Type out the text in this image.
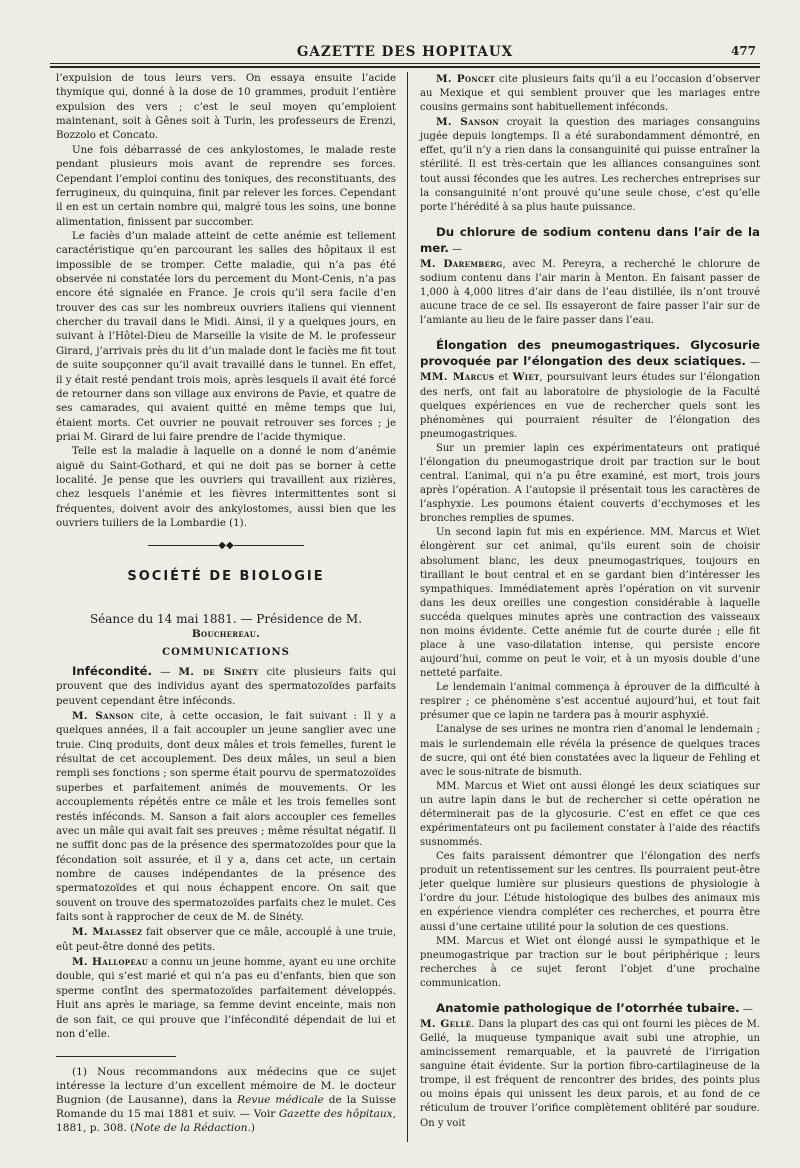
GAZETTE DES HOPITAUX	477

l’expulsion de tous leurs vers. On essaya ensuite l’acide thymique qui, donné à la dose de 10 grammes, produit l’entière expulsion des vers ; c’est le seul moyen qu’emploient maintenant, soit à Gênes soit à Turin, les professeurs de Erenzi, Bozzolo et Concato.

Une fois débarrassé de ces ankylostomes, le malade reste pendant plusieurs mois avant de reprendre ses forces. Cependant l’emploi continu des toniques, des reconstituants, des ferrugineux, du quinquina, finit par relever les forces. Cependant il en est un certain nombre qui, malgré tous les soins, une bonne alimentation, finissent par succomber.

Le faciès d’un malade atteint de cette anémie est tellement caractéristique qu’en parcourant les salles des hôpitaux il est impossible de se tromper. Cette maladie, qui n’a pas été observée ni constatée lors du percement du Mont-Cenis, n’a pas encore été signalée en France. Je crois qu’il sera facile d’en trouver des cas sur les nombreux ouvriers italiens qui viennent chercher du travail dans le Midi. Ainsi, il y a quelques jours, en suivant à l’Hôtel-Dieu de Marseille la visite de M. le professeur Girard, j’arrivais près du lit d’un malade dont le faciès me fit tout de suite soupçonner qu’il avait travaillé dans le tunnel. En effet, il y était resté pendant trois mois, après lesquels il avait été forcé de retourner dans son village aux environs de Pavie, et quatre de ses camarades, qui avaient quitté en même temps que lui, étaient morts. Cet ouvrier ne pouvait retrouver ses forces ; je priai M. Girard de lui faire prendre de l’acide thymique.

Telle est la maladie à laquelle on a donné le nom d’anémie aiguë du Saint-Gothard, et qui ne doit pas se borner à cette localité. Je pense que les ouvriers qui travaillent aux rizières, chez lesquels l’anémie et les fièvres intermittentes sont si fréquentes, doivent avoir des ankylostomes, aussi bien que les ouvriers tuiliers de la Lombardie (1).

◆◆
SOCIÉTÉ DE BIOLOGIE

Séance du 14 mai 1881. — Présidence de M. Bouchereau.

COMMUNICATIONS

Infécondité. — M. de Sinéty cite plusieurs faits qui prouvent que des individus ayant des spermatozoïdes parfaits peuvent cependant être inféconds.

M. Sanson cite, à cette occasion, le fait suivant : Il y a quelques années, il a fait accoupler un jeune sanglier avec une truie. Cinq produits, dont deux mâles et trois femelles, furent le résultat de cet accouplement. Des deux mâles, un seul a bien rempli ses fonctions ; son sperme était pourvu de spermatozoïdes superbes et parfaitement animés de mouvements. Or les accouplements répétés entre ce mâle et les trois femelles sont restés inféconds. M. Sanson a fait alors accoupler ces femelles avec un mâle qui avait fait ses preuves ; même résultat négatif. Il ne suffit donc pas de la présence des spermatozoïdes pour que la fécondation soit assurée, et il y a, dans cet acte, un certain nombre de causes indépendantes de la présence des spermatozoïdes et qui nous échappent encore. On sait que souvent on trouve des spermatozoïdes parfaits chez le mulet. Ces faits sont à rapprocher de ceux de M. de Sinéty.

M. Malassez fait observer que ce mâle, accouplé à une truie, eût peut-être donné des petits.

M. Hallopeau a connu un jeune homme, ayant eu une orchite double, qui s’est marié et qui n’a pas eu d’enfants, bien que son sperme contînt des spermatozoïdes parfaitement développés. Huit ans après le mariage, sa femme devint enceinte, mais non de son fait, ce qui prouve que l’infécondité dépendait de lui et non d’elle.

(1) Nous recommandons aux médecins que ce sujet intéresse la lecture d’un excellent mémoire de M. le docteur Bugnion (de Lausanne), dans la Revue médicale de la Suisse Romande du 15 mai 1881 et suiv. — Voir Gazette des hôpitaux, 1881, p. 308. (Note de la Rédaction.)

M. Poncet cite plusieurs faits qu’il a eu l’occasion d’observer au Mexique et qui semblent prouver que les mariages entre cousins germains sont habituellement inféconds.

M. Sanson croyait la question des mariages consanguins jugée depuis longtemps. Il a été surabondamment démontré, en effet, qu’il n’y a rien dans la consanguinité qui puisse entraîner la stérilité. Il est très-certain que les alliances consanguines sont tout aussi fécondes que les autres. Les recherches entreprises sur la consanguinité n’ont prouvé qu’une seule chose, c’est qu’elle porte l’hérédité à sa plus haute puissance.

Du chlorure de sodium contenu dans l’air de la mer. —
M. Daremberg, avec M. Pereyra, a recherché le chlorure de sodium contenu dans l’air marin à Menton. En faisant passer de 1,000 à 4,000 litres d’air dans de l’eau distillée, ils n’ont trouvé aucune trace de ce sel. Ils essayeront de faire passer l’air sur de l’amiante au lieu de le faire passer dans l’eau.

Élongation des pneumogastriques. Glycosurie provoquée par l’élongation des deux sciatiques. — MM. Marcus et Wiet, poursuivant leurs études sur l’élongation des nerfs, ont fait au laboratoire de physiologie de la Faculté quelques expériences en vue de rechercher quels sont les phénomènes qui pourraient résulter de l’élongation des pneumogastriques.

Sur un premier lapin ces expérimentateurs ont pratiqué l’élongation du pneumogastrique droit par traction sur le bout central. L’animal, qui n’a pu être examiné, est mort, trois jours après l’opération. A l’autopsie il présentait tous les caractères de l’asphyxie. Les poumons étaient couverts d’ecchymoses et les bronches remplies de spumes.

Un second lapin fut mis en expérience. MM. Marcus et Wiet élongèrent sur cet animal, qu’ils eurent soin de choisir absolument blanc, les deux pneumogastriques, toujours en tiraillant le bout central et en se gardant bien d’intéresser les sympathiques. Immédiatement après l’opération on vit survenir dans les deux oreilles une congestion considérable à laquelle succéda quelques minutes après une contraction des vaisseaux non moins évidente. Cette anémie fut de courte durée ; elle fit place à une vaso-dilatation intense, qui persiste encore aujourd’hui, comme on peut le voir, et à un myosis double d’une netteté parfaite.

Le lendemain l’animal commença à éprouver de la difficulté à respirer ; ce phénomène s’est accentué aujourd’hui, et tout fait présumer que ce lapin ne tardera pas à mourir asphyxié.

L’analyse de ses urines ne montra rien d’anomal le lendemain ; mais le surlendemain elle révéla la présence de quelques traces de sucre, qui ont été bien constatées avec la liqueur de Fehling et avec le sous-nitrate de bismuth.

MM. Marcus et Wiet ont aussi élongé les deux sciatiques sur un autre lapin dans le but de rechercher si cette opération ne déterminerait pas de la glycosurie. C’est en effet ce que ces expérimentateurs ont pu facilement constater à l’aide des réactifs susnommés.

Ces faits paraissent démontrer que l’élongation des nerfs produit un retentissement sur les centres. Ils pourraient peut-être jeter quelque lumière sur plusieurs questions de physiologie à l’ordre du jour. L’étude histologique des bulbes des animaux mis en expérience viendra compléter ces recherches, et pourra être aussi d’une certaine utilité pour la solution de ces questions.

MM. Marcus et Wiet ont élongé aussi le sympathique et le pneumogastrique par traction sur le bout périphérique ; leurs recherches à ce sujet feront l’objet d’une prochaine communication.

Anatomie pathologique de l’otorrhée tubaire. —
M. Gellé. Dans la plupart des cas qui ont fourni les pièces de M. Gellé, la muqueuse tympanique avait subi une atrophie, un amincissement remarquable, et la pauvreté de l’irrigation sanguine était évidente. Sur la portion fibro-cartilagineuse de la trompe, il est fréquent de rencontrer des brides, des points plus ou moins épais qui unissent les deux parois, et au fond de ce réticulum de trouver l’orifice complètement oblitéré par soudure. On y voit
